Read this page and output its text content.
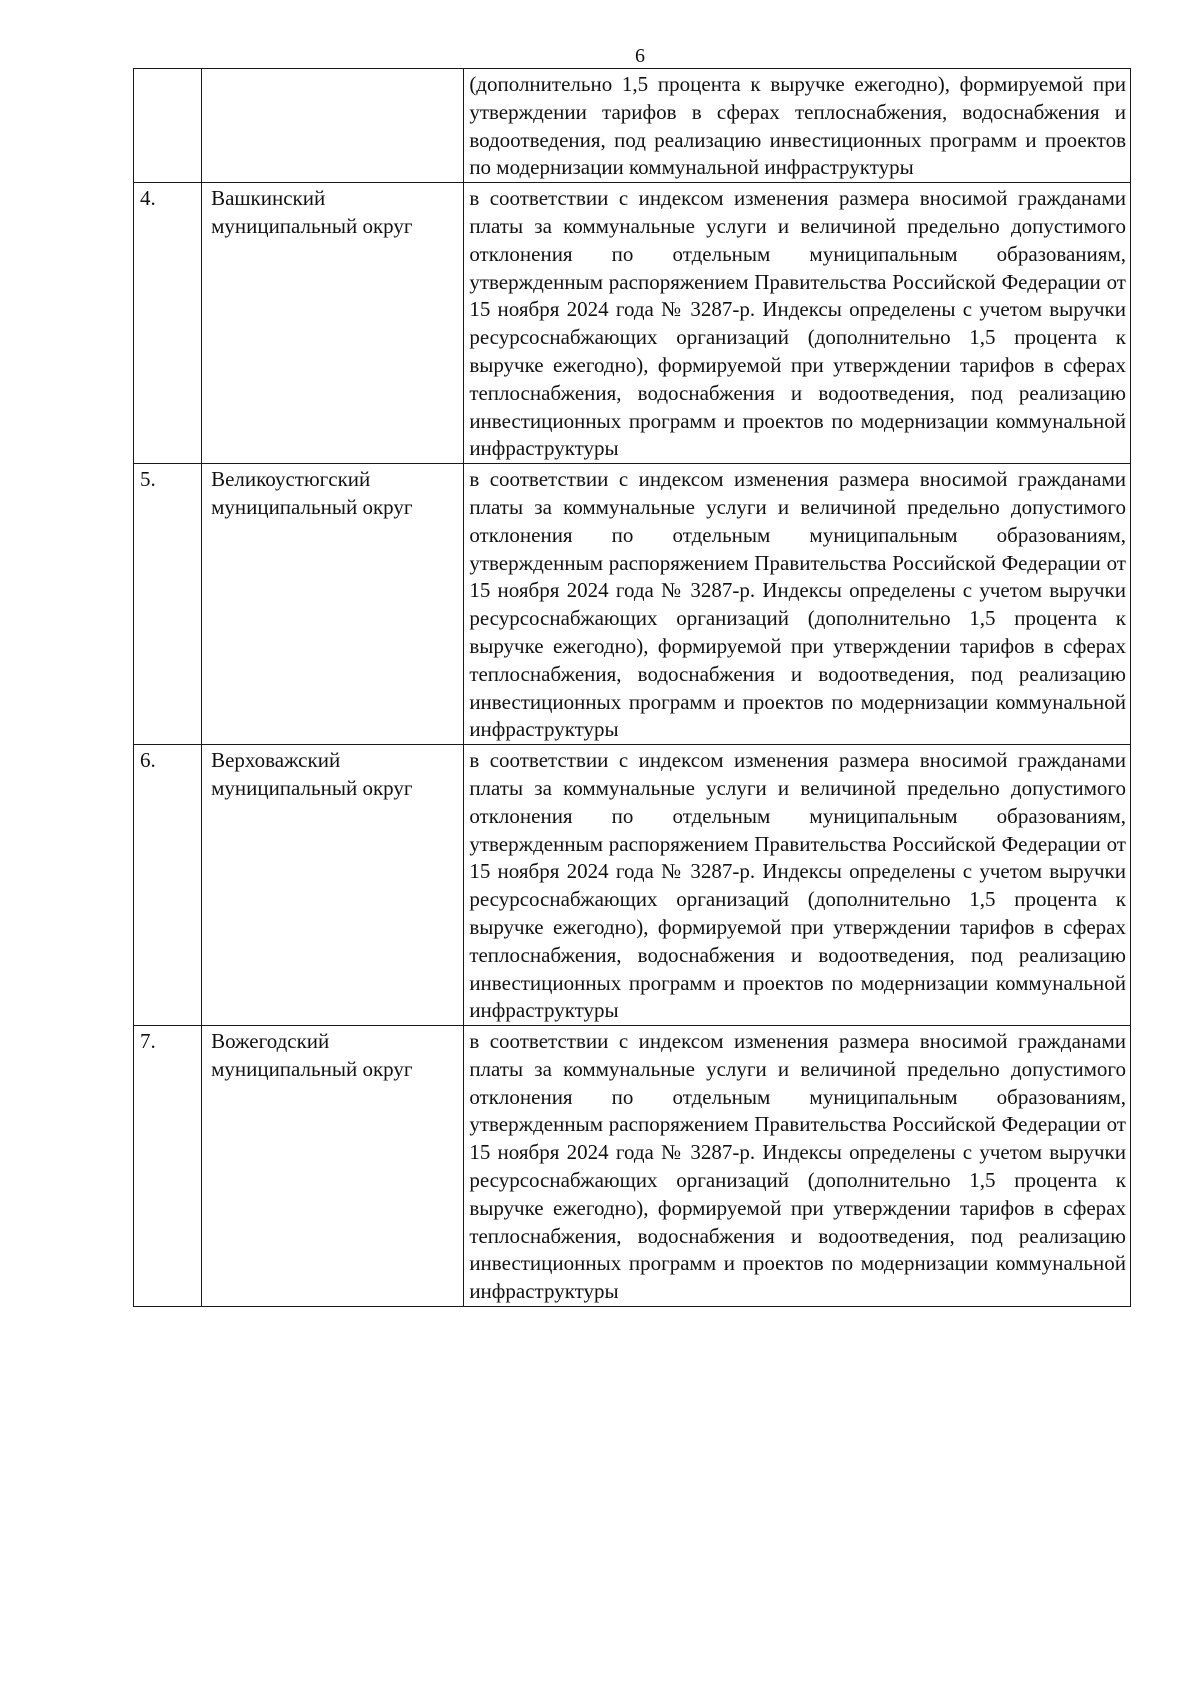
6
		(дополнительно 1,5 процента к выручке ежегодно), формируемой при утверждении тарифов в сферах теплоснабжения, водоснабжения и водоотведения, под реализацию инвестиционных программ и проектов по модернизации коммунальной инфраструктуры
4.	Вашкинский муниципальный округ	в соответствии с индексом изменения размера вносимой гражданами платы за коммунальные услуги и величиной предельно допустимого отклонения по отдельным муниципальным образованиям, утвержденным распоряжением Правительства Российской Федерации от 15 ноября 2024 года № 3287-р. Индексы определены с учетом выручки ресурсоснабжающих организаций (дополнительно 1,5 процента к выручке ежегодно), формируемой при утверждении тарифов в сферах теплоснабжения, водоснабжения и водоотведения, под реализацию инвестиционных программ и проектов по модернизации коммунальной инфраструктуры
5.	Великоустюгский муниципальный округ	в соответствии с индексом изменения размера вносимой гражданами платы за коммунальные услуги и величиной предельно допустимого отклонения по отдельным муниципальным образованиям, утвержденным распоряжением Правительства Российской Федерации от 15 ноября 2024 года № 3287-р. Индексы определены с учетом выручки ресурсоснабжающих организаций (дополнительно 1,5 процента к выручке ежегодно), формируемой при утверждении тарифов в сферах теплоснабжения, водоснабжения и водоотведения, под реализацию инвестиционных программ и проектов по модернизации коммунальной инфраструктуры
6.	Верховажский муниципальный округ	в соответствии с индексом изменения размера вносимой гражданами платы за коммунальные услуги и величиной предельно допустимого отклонения по отдельным муниципальным образованиям, утвержденным распоряжением Правительства Российской Федерации от 15 ноября 2024 года № 3287-р. Индексы определены с учетом выручки ресурсоснабжающих организаций (дополнительно 1,5 процента к выручке ежегодно), формируемой при утверждении тарифов в сферах теплоснабжения, водоснабжения и водоотведения, под реализацию инвестиционных программ и проектов по модернизации коммунальной инфраструктуры
7.	Вожегодский муниципальный округ	в соответствии с индексом изменения размера вносимой гражданами платы за коммунальные услуги и величиной предельно допустимого отклонения по отдельным муниципальным образованиям, утвержденным распоряжением Правительства Российской Федерации от 15 ноября 2024 года № 3287-р. Индексы определены с учетом выручки ресурсоснабжающих организаций (дополнительно 1,5 процента к выручке ежегодно), формируемой при утверждении тарифов в сферах теплоснабжения, водоснабжения и водоотведения, под реализацию инвестиционных программ и проектов по модернизации коммунальной инфраструктуры
